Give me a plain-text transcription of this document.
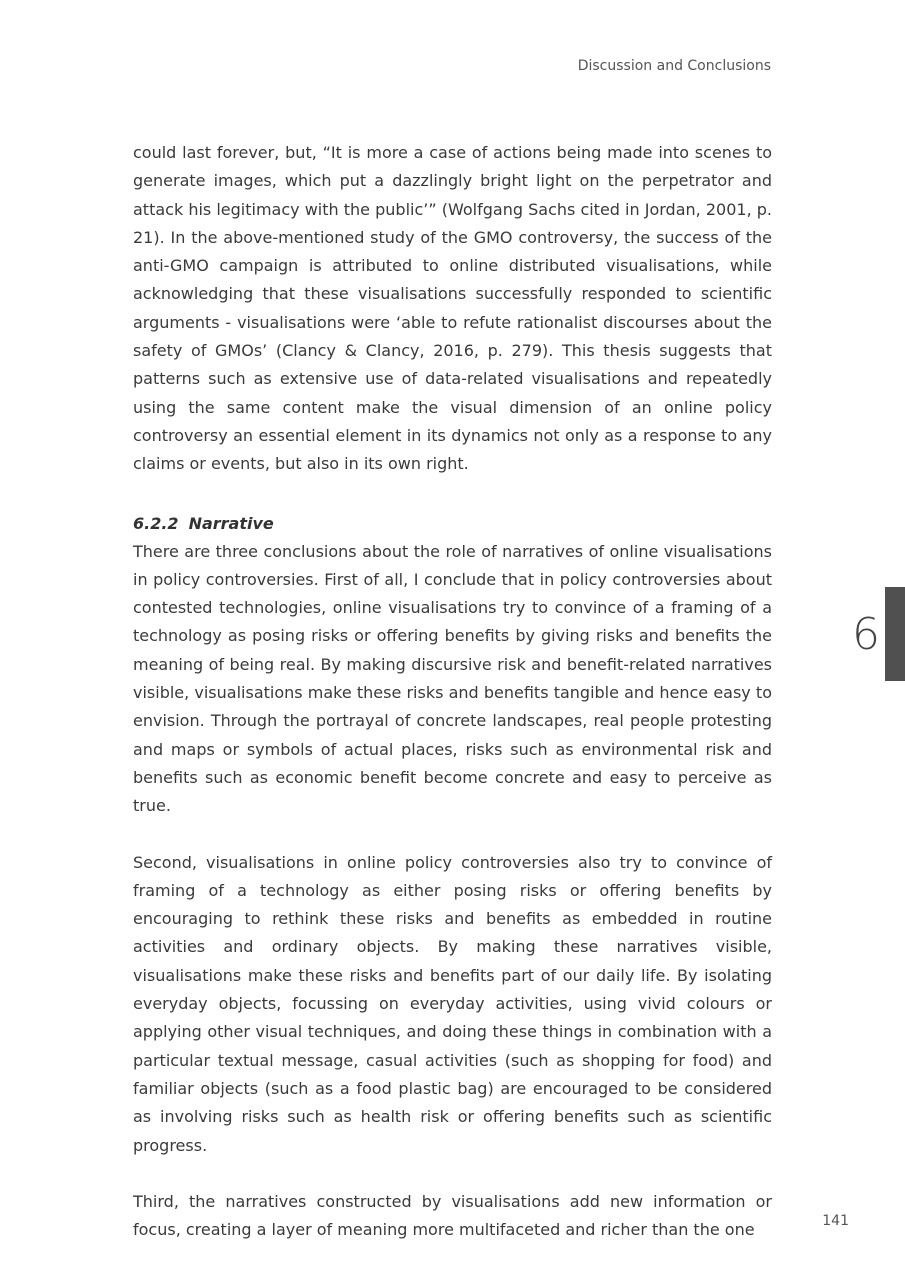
Discussion and Conclusions

could last forever, but, “It is more a case of actions being made into scenes to generate images, which put a dazzlingly bright light on the perpetrator and attack his legitimacy with the public’” (Wolfgang Sachs cited in Jordan, 2001, p. 21). In the above-mentioned study of the GMO controversy, the success of the anti-GMO campaign is attributed to online distributed visualisations, while acknowledging that these visualisations successfully responded to scientific arguments - visualisations were ‘able to refute rationalist discourses about the safety of GMOs’ (Clancy & Clancy, 2016, p. 279). This thesis suggests that patterns such as extensive use of data-related visualisations and repeatedly using the same content make the visual dimension of an online policy controversy an essential element in its dynamics not only as a response to any claims or events, but also in its own right.

6.2.2 Narrative

There are three conclusions about the role of narratives of online visualisations in policy controversies. First of all, I conclude that in policy controversies about contested technologies, online visualisations try to convince of a framing of a technology as posing risks or offering benefits by giving risks and benefits the meaning of being real. By making discursive risk and benefit-related narratives visible, visualisations make these risks and benefits tangible and hence easy to envision. Through the portrayal of concrete landscapes, real people protesting and maps or symbols of actual places, risks such as environmental risk and benefits such as economic benefit become concrete and easy to perceive as true.

Second, visualisations in online policy controversies also try to convince of framing of a technology as either posing risks or offering benefits by encouraging to rethink these risks and benefits as embedded in routine activities and ordinary objects. By making these narratives visible, visualisations make these risks and benefits part of our daily life. By isolating everyday objects, focussing on everyday activities, using vivid colours or applying other visual techniques, and doing these things in combination with a particular textual message, casual activities (such as shopping for food) and familiar objects (such as a food plastic bag) are encouraged to be considered as involving risks such as health risk or offering benefits such as scientific progress.

Third, the narratives constructed by visualisations add new information or focus, creating a layer of meaning more multifaceted and richer than the one

6
141
